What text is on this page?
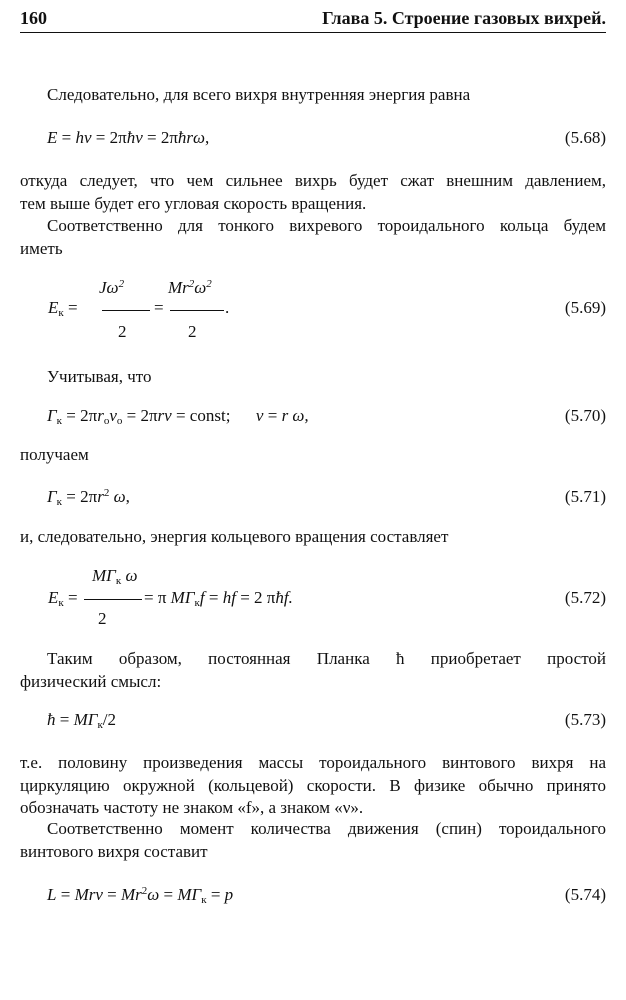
160	Глава 5. Строение газовых вихрей.

Следовательно, для всего вихря внутренняя энергия равна

E = hv = 2πħv = 2πħrω,	(5.68)

откуда следует, что чем сильнее вихрь будет сжат внешним давлением,
тем выше будет его угловая скорость вращения.

Соответственно для тонкого вихревого тороидального кольца будем
иметь

$E_к$ =
$J\omega^2$
2
=
$Mr^2\omega^2$
.
2
(5.69)

Учитывая, что

$Г_к = 2\pi r_оv_о = 2\pi rv$ = const;      v = r ω,	(5.70)

получаем

$Г_к = 2\pi r^2$ ω,	(5.71)

и, следовательно, энергия кольцевого вращения составляет

$MГ_к$ ω
$E_к$ =	= π $MГ_кf$ = hf = 2 πħf.
2
(5.72)

Таким образом, постоянная Планка ħ приобретает простой
физический смысл:

ħ = $MГ_к/2$	(5.73)

т.е. половину произведения массы тороидального винтового вихря на
циркуляцию окружной (кольцевой) скорости. В физике обычно принято
обозначать частоту не знаком «f», а знаком «ν».

Соответственно момент количества движения (спин) тороидального
винтового вихря составит

L = Mrv = $Mr^2\omega = MГ_к = p$	(5.74)
